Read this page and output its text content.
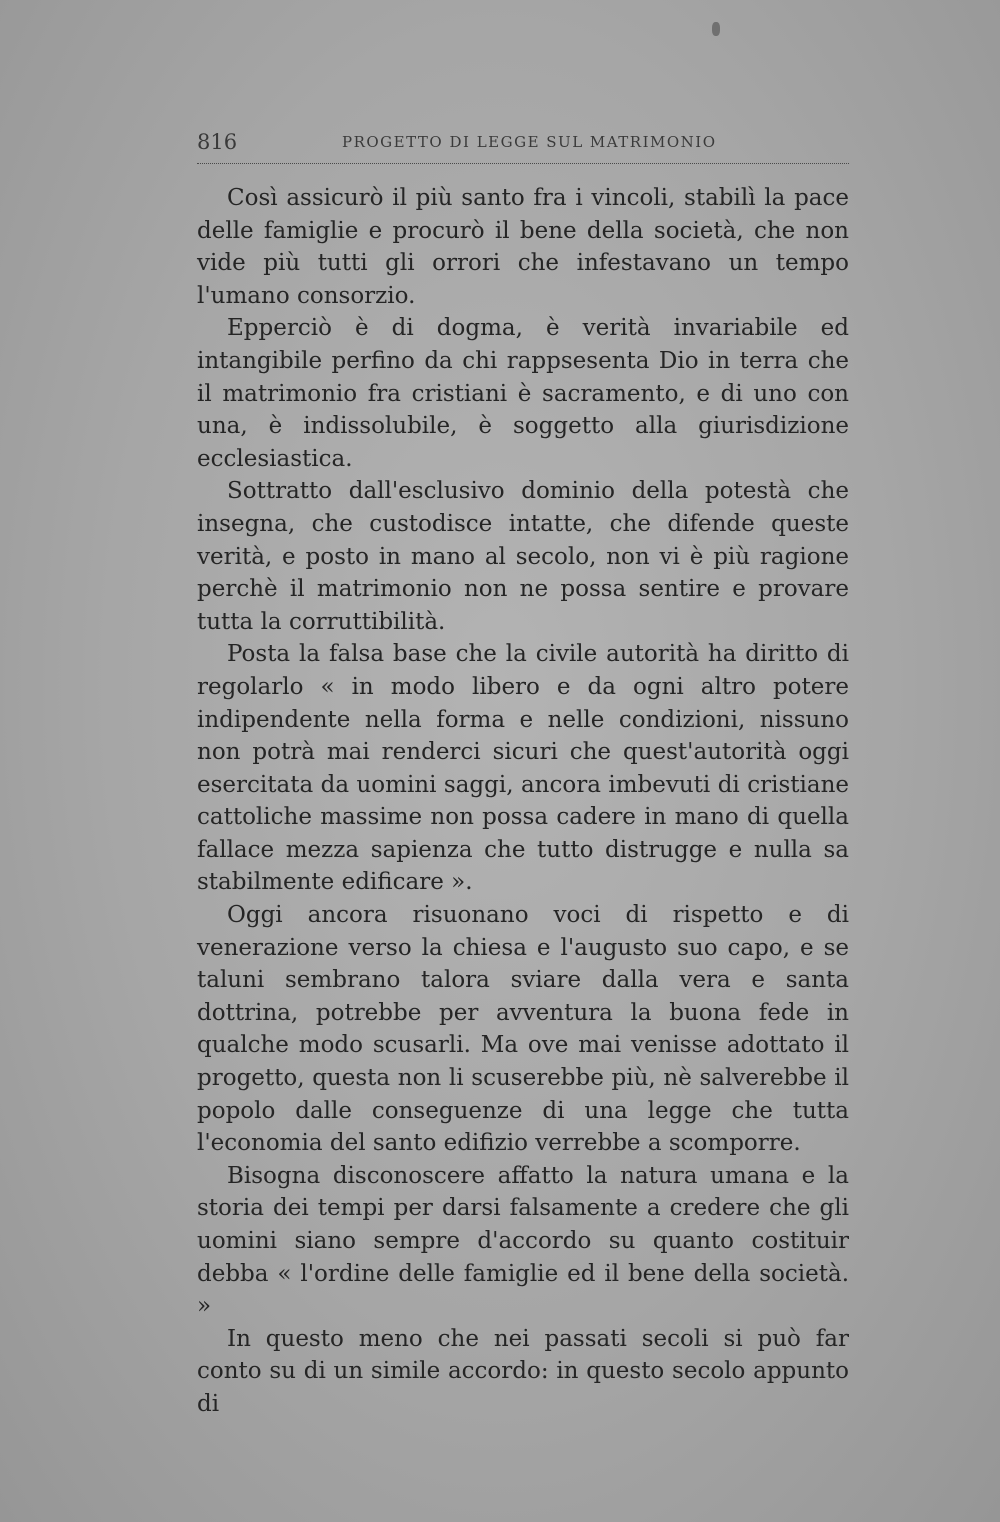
816	PROGETTO DI LEGGE SUL MATRIMONIO

Così assicurò il più santo fra i vincoli, stabilì la pace delle famiglie e procurò il bene della società, che non vide più tutti gli orrori che infestavano un tempo l'umano consorzio.

Epperciò è di dogma, è verità invariabile ed intangibile perfino da chi rappsesenta Dio in terra che il matrimonio fra cristiani è sacramento, e di uno con una, è indissolubile, è soggetto alla giurisdizione ecclesiastica.

Sottratto dall'esclusivo dominio della potestà che insegna, che custodisce intatte, che difende queste verità, e posto in mano al secolo, non vi è più ragione perchè il matrimonio non ne possa sentire e provare tutta la corruttibilità.

Posta la falsa base che la civile autorità ha diritto di regolarlo « in modo libero e da ogni altro potere indipendente nella forma e nelle condizioni, nissuno non potrà mai renderci sicuri che quest'autorità oggi esercitata da uomini saggi, ancora imbevuti di cristiane cattoliche massime non possa cadere in mano di quella fallace mezza sapienza che tutto distrugge e nulla sa stabilmente edificare ».

Oggi ancora risuonano voci di rispetto e di venerazione verso la chiesa e l'augusto suo capo, e se taluni sembrano talora sviare dalla vera e santa dottrina, potrebbe per avventura la buona fede in qualche modo scusarli. Ma ove mai venisse adottato il progetto, questa non li scuserebbe più, nè salverebbe il popolo dalle conseguenze di una legge che tutta l'economia del santo edifizio verrebbe a scomporre.

Bisogna disconoscere affatto la natura umana e la storia dei tempi per darsi falsamente a credere che gli uomini siano sempre d'accordo su quanto costituir debba « l'ordine delle famiglie ed il bene della società. »

In questo meno che nei passati secoli si può far conto su di un simile accordo: in questo secolo appunto di
